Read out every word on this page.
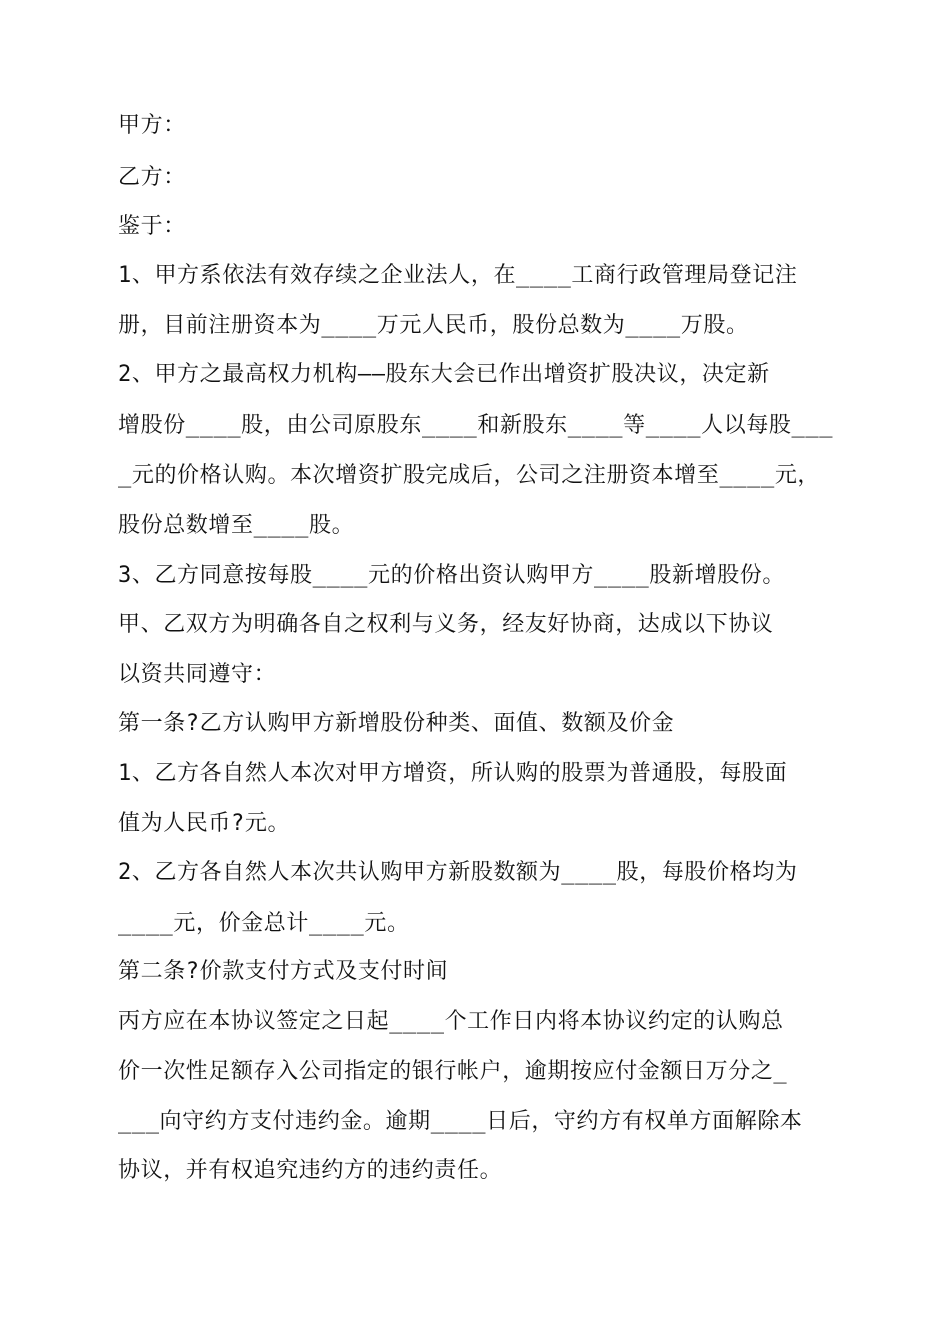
甲方：
乙方：
鉴于：
1、甲方系依法有效存续之企业法人，在____工商行政管理局登记注
册，目前注册资本为____万元人民币，股份总数为____万股。
2、甲方之最高权力机构——股东大会已作出增资扩股决议，决定新
增股份____股，由公司原股东____和新股东____等____人以每股___
_元的价格认购。本次增资扩股完成后，公司之注册资本增至____元，
股份总数增至____股。
3、乙方同意按每股____元的价格出资认购甲方____股新增股份。
甲、乙双方为明确各自之权利与义务，经友好协商，达成以下协议
以资共同遵守：
第一条?乙方认购甲方新增股份种类、面值、数额及价金
1、乙方各自然人本次对甲方增资，所认购的股票为普通股，每股面
值为人民币?元。
2、乙方各自然人本次共认购甲方新股数额为____股，每股价格均为
____元，价金总计____元。
第二条?价款支付方式及支付时间
丙方应在本协议签定之日起____个工作日内将本协议约定的认购总
价一次性足额存入公司指定的银行帐户，逾期按应付金额日万分之_
___向守约方支付违约金。逾期____日后，守约方有权单方面解除本
协议，并有权追究违约方的违约责任。
